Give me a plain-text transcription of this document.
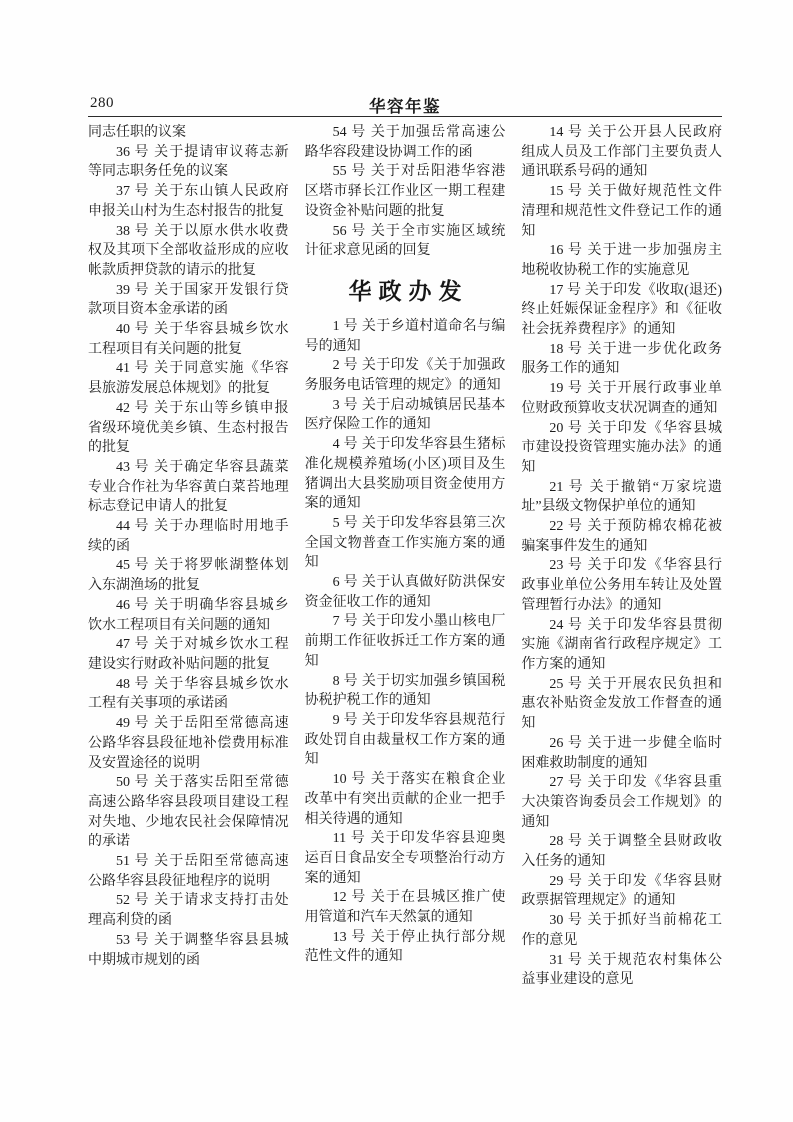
280	华容年鉴

同志任职的议案

36 号 关于提请审议蒋志新等同志职务任免的议案

37 号 关于东山镇人民政府申报关山村为生态村报告的批复

38 号 关于以原水供水收费权及其项下全部收益形成的应收帐款质押贷款的请示的批复

39 号 关于国家开发银行贷款项目资本金承诺的函

40 号 关于华容县城乡饮水工程项目有关问题的批复

41 号 关于同意实施《华容县旅游发展总体规划》的批复

42 号 关于东山等乡镇申报省级环境优美乡镇、生态村报告的批复

43 号 关于确定华容县蔬菜专业合作社为华容黄白菜苔地理标志登记申请人的批复

44 号 关于办理临时用地手续的函

45 号 关于将罗帐湖整体划入东湖渔场的批复

46 号 关于明确华容县城乡饮水工程项目有关问题的通知

47 号 关于对城乡饮水工程建设实行财政补贴问题的批复

48 号 关于华容县城乡饮水工程有关事项的承诺函

49 号 关于岳阳至常德高速公路华容县段征地补偿费用标准及安置途径的说明

50 号 关于落实岳阳至常德高速公路华容县段项目建设工程对失地、少地农民社会保障情况的承诺

51 号 关于岳阳至常德高速公路华容县段征地程序的说明

52 号 关于请求支持打击处理高利贷的函

53 号 关于调整华容县县城中期城市规划的函

54 号 关于加强岳常高速公路华容段建设协调工作的函

55 号 关于对岳阳港华容港区塔市驿长江作业区一期工程建设资金补贴问题的批复

56 号 关于全市实施区域统计征求意见函的回复

华政办发

1 号 关于乡道村道命名与编号的通知

2 号 关于印发《关于加强政务服务电话管理的规定》的通知

3 号 关于启动城镇居民基本医疗保险工作的通知

4 号 关于印发华容县生猪标准化规模养殖场(小区)项目及生猪调出大县奖励项目资金使用方案的通知

5 号 关于印发华容县第三次全国文物普查工作实施方案的通知

6 号 关于认真做好防洪保安资金征收工作的通知

7 号 关于印发小墨山核电厂前期工作征收拆迁工作方案的通知

8 号 关于切实加强乡镇国税协税护税工作的通知

9 号 关于印发华容县规范行政处罚自由裁量权工作方案的通知

10 号 关于落实在粮食企业改革中有突出贡献的企业一把手相关待遇的通知

11 号 关于印发华容县迎奥运百日食品安全专项整治行动方案的通知

12 号 关于在县城区推广使用管道和汽车天然氯的通知

13 号 关于停止执行部分规范性文件的通知

14 号 关于公开县人民政府组成人员及工作部门主要负责人通讯联系号码的通知

15 号 关于做好规范性文件清理和规范性文件登记工作的通知

16 号 关于进一步加强房主地税收协税工作的实施意见

17 号 关于印发《收取(退还)终止妊娠保证金程序》和《征收社会抚养费程序》的通知

18 号 关于进一步优化政务服务工作的通知

19 号 关于开展行政事业单位财政预算收支状况调查的通知

20 号 关于印发《华容县城市建设投资管理实施办法》的通知

21 号 关于撤销“万家垸遗址”县级文物保护单位的通知

22 号 关于预防棉农棉花被骗案事件发生的通知

23 号 关于印发《华容县行政事业单位公务用车转让及处置管理暂行办法》的通知

24 号 关于印发华容县贯彻实施《湖南省行政程序规定》工作方案的通知

25 号 关于开展农民负担和惠农补贴资金发放工作督查的通知

26 号 关于进一步健全临时困难救助制度的通知

27 号 关于印发《华容县重大决策咨询委员会工作规划》的通知

28 号 关于调整全县财政收入任务的通知

29 号 关于印发《华容县财政票据管理规定》的通知

30 号 关于抓好当前棉花工作的意见

31 号 关于规范农村集体公益事业建设的意见
